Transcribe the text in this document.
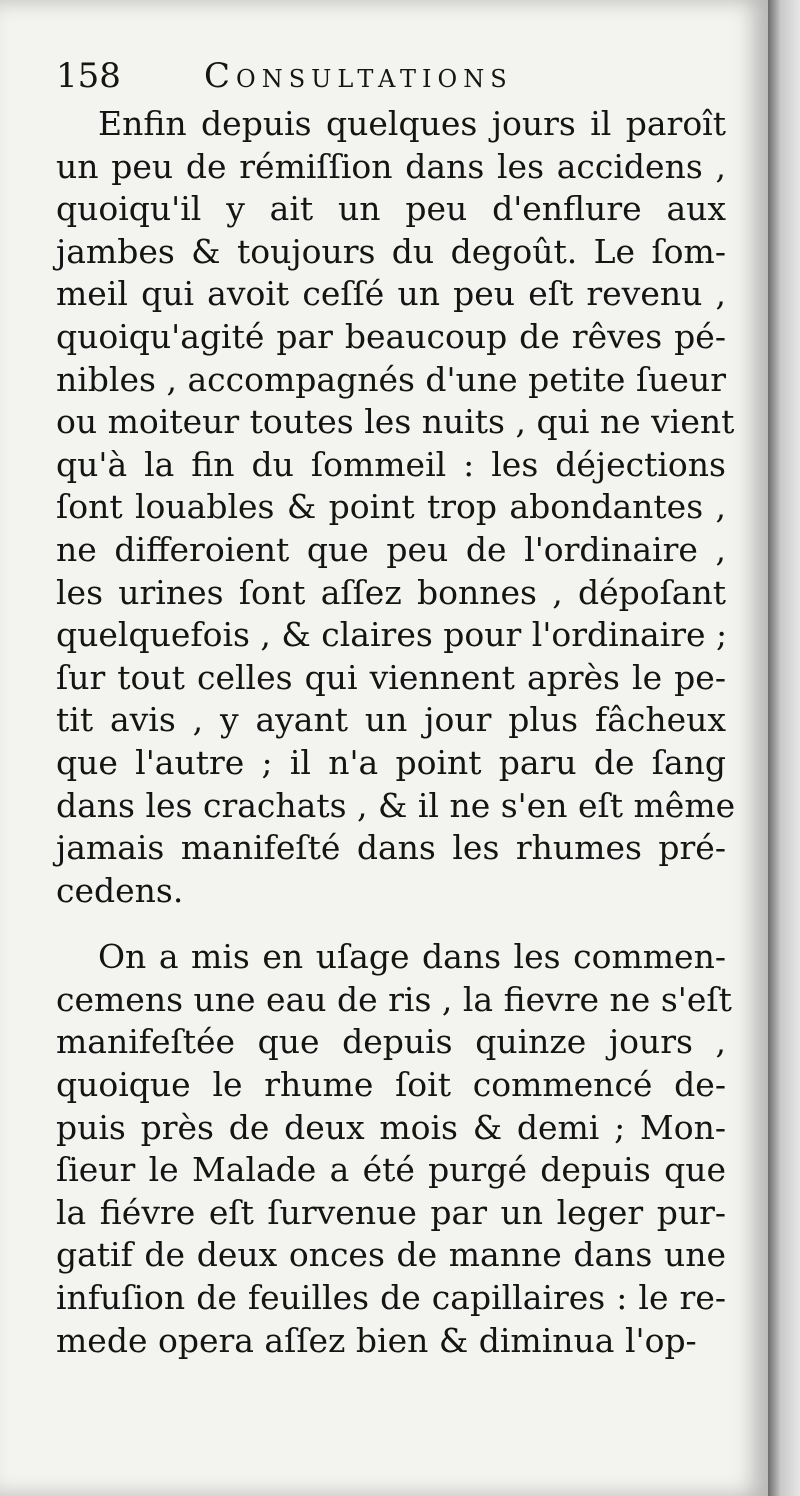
158 Consultations
Enfin depuis quelques jours il paroît
un peu de rémiſſion dans les accidens ,
quoiqu'il y ait un peu d'enflure aux
jambes & toujours du degoût. Le ſom-
meil qui avoit ceſſé un peu eſt revenu ,
quoiqu'agité par beaucoup de rêves pé-
nibles , accompagnés d'une petite ſueur
ou moiteur toutes les nuits , qui ne vient
qu'à la fin du ſommeil : les déjections
ſont louables & point trop abondantes ,
ne differoient que peu de l'ordinaire ,
les urines ſont aſſez bonnes , dépoſant
quelquefois , & claires pour l'ordinaire ;
ſur tout celles qui viennent après le pe-
tit avis , y ayant un jour plus fâcheux
que l'autre ; il n'a point paru de ſang
dans les crachats , & il ne s'en eſt même
jamais manifeſté dans les rhumes pré-
cedens.
On a mis en uſage dans les commen-
cemens une eau de ris , la fievre ne s'eſt
manifeſtée que depuis quinze jours ,
quoique le rhume ſoit commencé de-
puis près de deux mois & demi ; Mon-
ſieur le Malade a été purgé depuis que
la fiévre eſt ſurvenue par un leger pur-
gatif de deux onces de manne dans une
infuſion de feuilles de capillaires : le re-
mede opera aſſez bien & diminua l'op-
